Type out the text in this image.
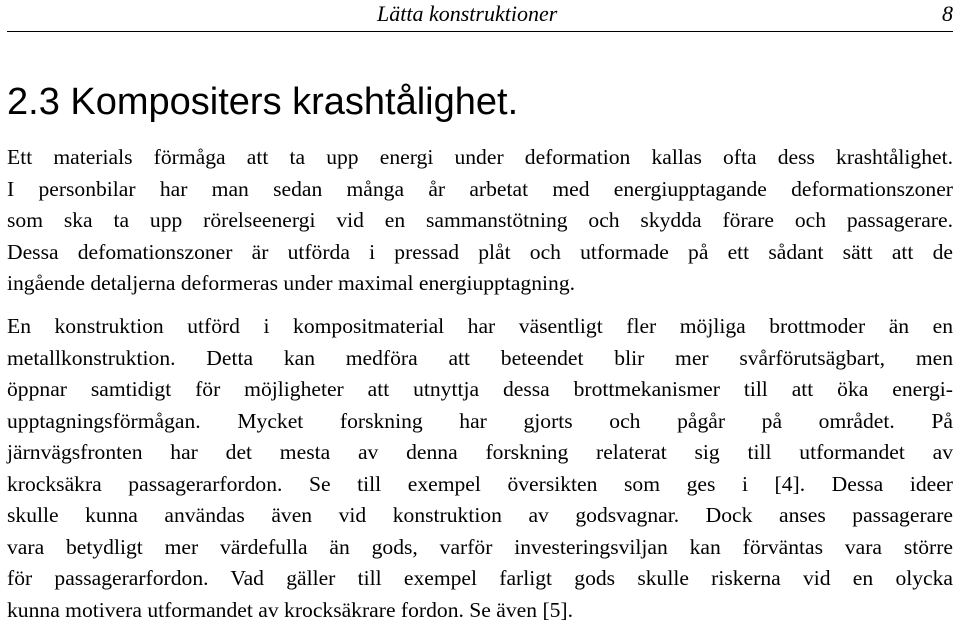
Lätta konstruktioner	8
2.3 Kompositers krashtålighet.

Ett materials förmåga att ta upp energi under deformation kallas ofta dess krashtålighet.
I personbilar har man sedan många år arbetat med energiupptagande deformationszoner
som ska ta upp rörelseenergi vid en sammanstötning och skydda förare och passagerare.
Dessa defomationszoner är utförda i pressad plåt och utformade på ett sådant sätt att de
ingående detaljerna deformeras under maximal energiupptagning.

En konstruktion utförd i kompositmaterial har väsentligt fler möjliga brottmoder än en
metallkonstruktion. Detta kan medföra att beteendet blir mer svårförutsägbart, men
öppnar samtidigt för möjligheter att utnyttja dessa brottmekanismer till att öka energi-
upptagningsförmågan. Mycket forskning har gjorts och pågår på området. På
järnvägsfronten har det mesta av denna forskning relaterat sig till utformandet av
krocksäkra passagerarfordon. Se till exempel översikten som ges i [4]. Dessa ideer
skulle kunna användas även vid konstruktion av godsvagnar. Dock anses passagerare
vara betydligt mer värdefulla än gods, varför investeringsviljan kan förväntas vara större
för passagerarfordon. Vad gäller till exempel farligt gods skulle riskerna vid en olycka
kunna motivera utformandet av krocksäkrare fordon. Se även [5].
